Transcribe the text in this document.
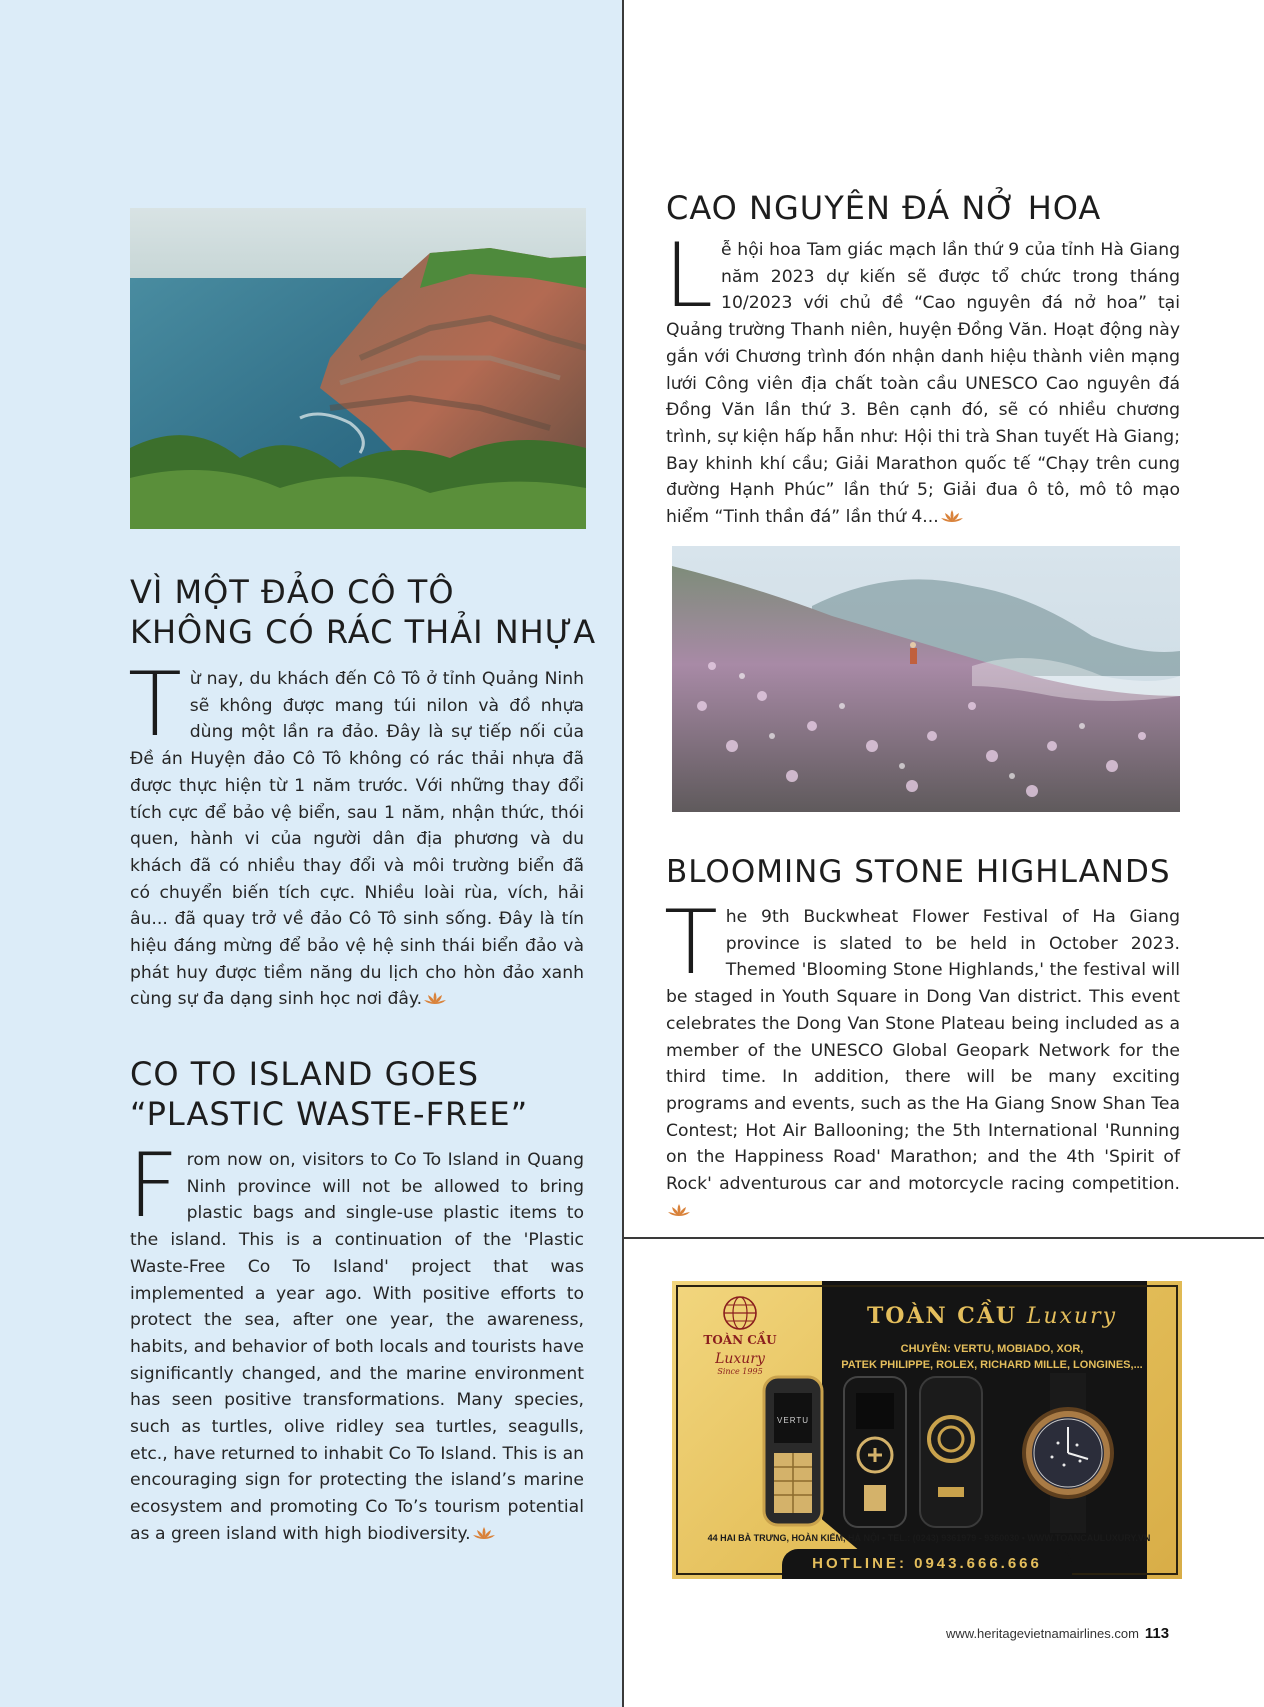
CAO NGUYÊN ĐÁ NỞ HOA
Lễ hội hoa Tam giác mạch lần thứ 9 của tỉnh Hà Giang năm 2023 dự kiến sẽ được tổ chức trong tháng 10/2023 với chủ đề “Cao nguyên đá nở hoa” tại Quảng trường Thanh niên, huyện Đồng Văn. Hoạt động này gắn với Chương trình đón nhận danh hiệu thành viên mạng lưới Công viên địa chất toàn cầu UNESCO Cao nguyên đá Đồng Văn lần thứ 3. Bên cạnh đó, sẽ có nhiều chương trình, sự kiện hấp hẫn như: Hội thi trà Shan tuyết Hà Giang; Bay khinh khí cầu; Giải Marathon quốc tế “Chạy trên cung đường Hạnh Phúc” lần thứ 5; Giải đua ô tô, mô tô mạo hiểm “Tinh thần đá” lần thứ 4...
BLOOMING STONE HIGHLANDS
The 9th Buckwheat Flower Festival of Ha Giang province is slated to be held in October 2023. Themed 'Blooming Stone Highlands,' the festival will be staged in Youth Square in Dong Van district. This event celebrates the Dong Van Stone Plateau being included as a member of the UNESCO Global Geopark Network for the third time. In addition, there will be many exciting programs and events, such as the Ha Giang Snow Shan Tea Contest; Hot Air Ballooning; the 5th International 'Running on the Happiness Road' Marathon; and the 4th 'Spirit of Rock' adventurous car and motorcycle racing competition.
VÌ MỘT ĐẢO CÔ TÔ
KHÔNG CÓ RÁC THẢI NHỰA
Từ nay, du khách đến Cô Tô ở tỉnh Quảng Ninh sẽ không được mang túi nilon và đồ nhựa dùng một lần ra đảo. Đây là sự tiếp nối của Đề án Huyện đảo Cô Tô không có rác thải nhựa đã được thực hiện từ 1 năm trước. Với những thay đổi tích cực để bảo vệ biển, sau 1 năm, nhận thức, thói quen, hành vi của người dân địa phương và du khách đã có nhiều thay đổi và môi trường biển đã có chuyển biến tích cực. Nhiều loài rùa, vích, hải âu... đã quay trở về đảo Cô Tô sinh sống. Đây là tín hiệu đáng mừng để bảo vệ hệ sinh thái biển đảo và phát huy được tiềm năng du lịch cho hòn đảo xanh cùng sự đa dạng sinh học nơi đây.
CO TO ISLAND GOES
“PLASTIC WASTE-FREE”
From now on, visitors to Co To Island in Quang Ninh province will not be allowed to bring plastic bags and single-use plastic items to the island. This is a continuation of the 'Plastic Waste-Free Co To Island' project that was implemented a year ago. With positive efforts to protect the sea, after one year, the awareness, habits, and behavior of both locals and tourists have significantly changed, and the marine environment has seen positive transformations. Many species, such as turtles, olive ridley sea turtles, seagulls, etc., have returned to inhabit Co To Island. This is an encouraging sign for protecting the island’s marine ecosystem and promoting Co To’s tourism potential as a green island with high biodiversity.
TOÀN CẦU
Luxury
Since 1995
TOÀN CẦU Luxury
CHUYÊN: VERTU, MOBIADO, XOR,
PATEK PHILIPPE, ROLEX, RICHARD MILLE, LONGINES,...
VERTU
44 HAI BÀ TRƯNG, HOÀN KIẾM, HÀ NỘI • TEL.: (0243) 9361979 - 9360030 • WWW.TOANCAULUXURY.VN
HOTLINE: 0943.666.666
www.heritagevietnamairlines.com 113
